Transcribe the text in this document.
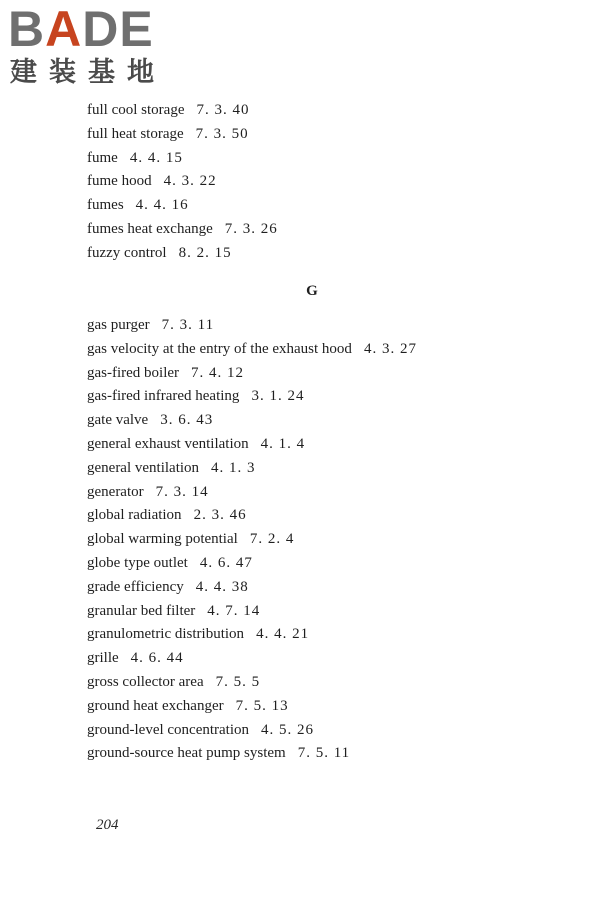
BADE
建装基地
full cool storage 7. 3. 40
full heat storage 7. 3. 50
fume 4. 4. 15
fume hood 4. 3. 22
fumes 4. 4. 16
fumes heat exchange 7. 3. 26
fuzzy control 8. 2. 15
G
gas purger 7. 3. 11
gas velocity at the entry of the exhaust hood 4. 3. 27
gas-fired boiler 7. 4. 12
gas-fired infrared heating 3. 1. 24
gate valve 3. 6. 43
general exhaust ventilation 4. 1. 4
general ventilation 4. 1. 3
generator 7. 3. 14
global radiation 2. 3. 46
global warming potential 7. 2. 4
globe type outlet 4. 6. 47
grade efficiency 4. 4. 38
granular bed filter 4. 7. 14
granulometric distribution 4. 4. 21
grille 4. 6. 44
gross collector area 7. 5. 5
ground heat exchanger 7. 5. 13
ground-level concentration 4. 5. 26
ground-source heat pump system 7. 5. 11
204
